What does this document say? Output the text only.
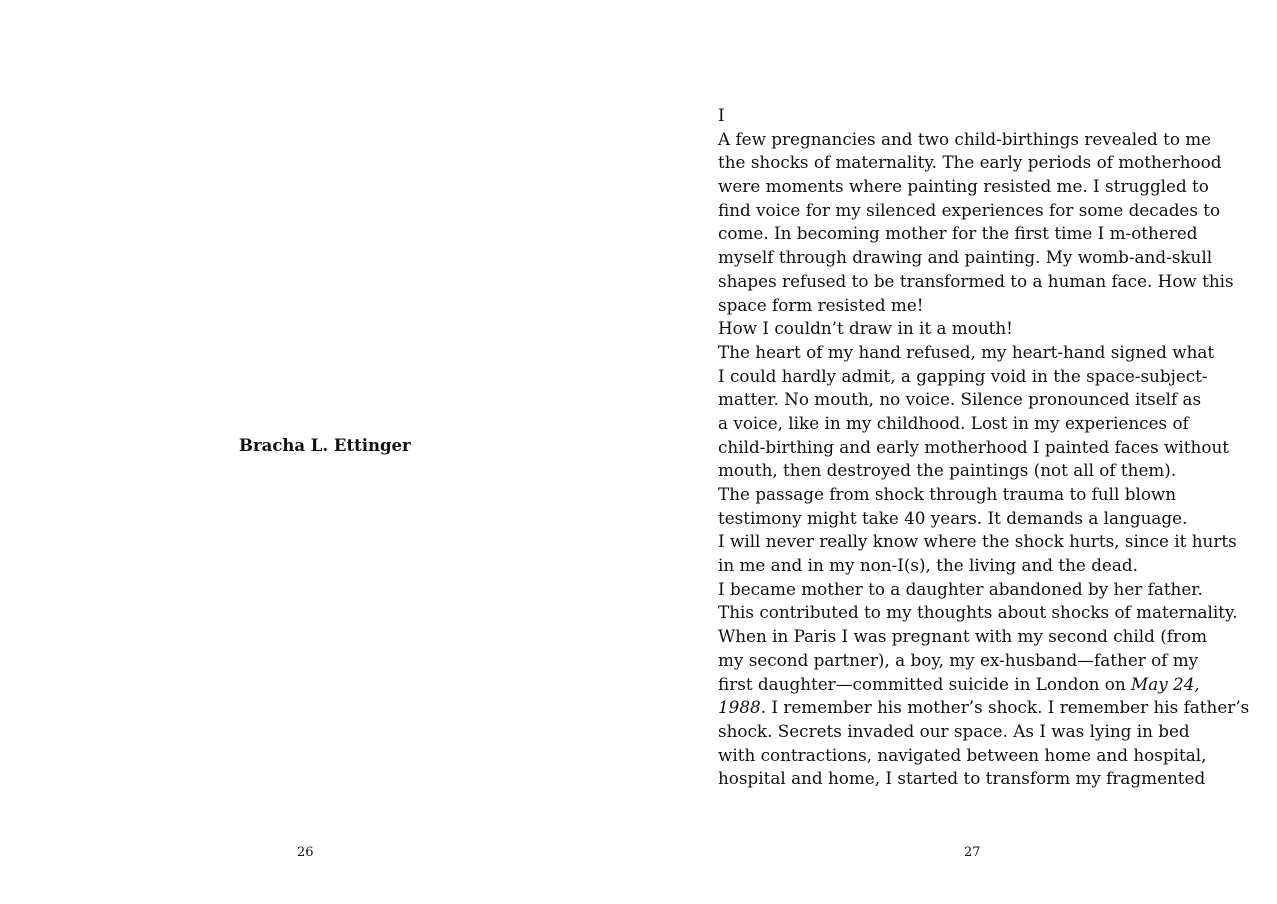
Bracha L. Ettinger
26
I
A few pregnancies and two child-birthings revealed to me
the shocks of maternality. The early periods of motherhood
were moments where painting resisted me. I struggled to
find voice for my silenced experiences for some decades to
come. In becoming mother for the first time I m-othered
myself through drawing and painting. My womb-and-skull
shapes refused to be transformed to a human face. How this
space form resisted me!
How I couldn’t draw in it a mouth!
The heart of my hand refused, my heart-hand signed what
I could hardly admit, a gapping void in the space-subject-
matter. No mouth, no voice. Silence pronounced itself as
a voice, like in my childhood. Lost in my experiences of
child-birthing and early motherhood I painted faces without
mouth, then destroyed the paintings (not all of them).
The passage from shock through trauma to full blown
testimony might take 40 years. It demands a language.
I will never really know where the shock hurts, since it hurts
in me and in my non-I(s), the living and the dead.
I became mother to a daughter abandoned by her father.
This contributed to my thoughts about shocks of maternality.
When in Paris I was pregnant with my second child (from
my second partner), a boy, my ex-husband—father of my
first daughter—committed suicide in London on May 24,
1988. I remember his mother’s shock. I remember his father’s
shock. Secrets invaded our space. As I was lying in bed
with contractions, navigated between home and hospital,
hospital and home, I started to transform my fragmented
27
